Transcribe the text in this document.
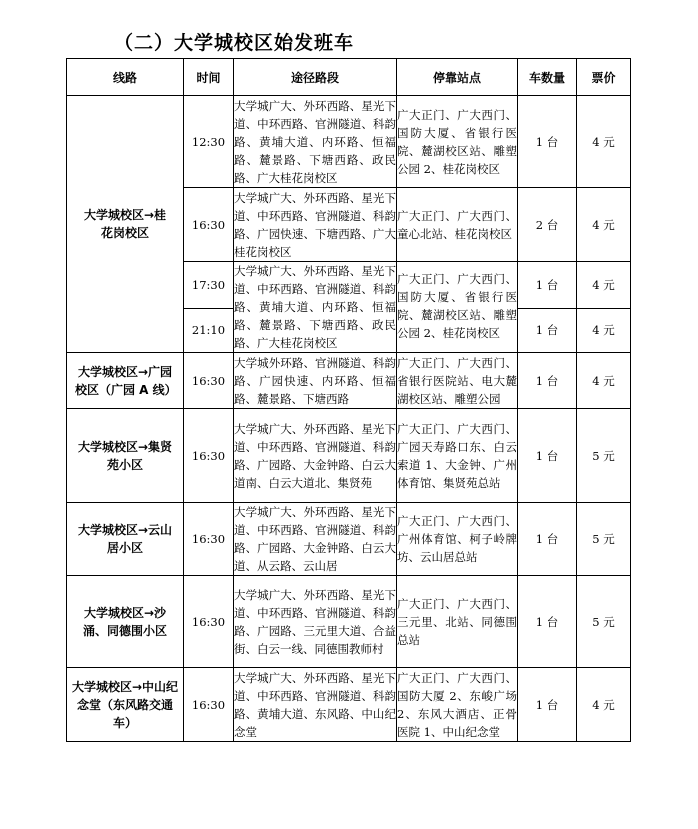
（二）大学城校区始发班车
线路	时间	途径路段	停靠站点	车数量	票价
大学城校区→桂花岗校区	12:30	大学城广大、外环西路、星光下道、中环西路、官洲隧道、科韵路、黄埔大道、内环路、恒福路、麓景路、下塘西路、政民路、广大桂花岗校区	广大正门、广大西门、国防大厦、省银行医院、麓湖校区站、雕塑公园 2、桂花岗校区	1 台	4 元
	16:30	大学城广大、外环西路、星光下道、中环西路、官洲隧道、科韵路、广园快速、下塘西路、广大桂花岗校区	广大正门、广大西门、童心北站、桂花岗校区	2 台	4 元
	17:30	大学城广大、外环西路、星光下道、中环西路、官洲隧道、科韵路、黄埔大道、内环路、恒福路、麓景路、下塘西路、政民路、广大桂花岗校区	广大正门、广大西门、国防大厦、省银行医院、麓湖校区站、雕塑公园 2、桂花岗校区	1 台	4 元
	21:10			1 台	4 元
大学城校区→广园校区（广园 A 线）	16:30	大学城外环路、官洲隧道、科韵路、广园快速、内环路、恒福路、麓景路、下塘西路	广大正门、广大西门、省银行医院站、电大麓湖校区站、雕塑公园	1 台	4 元
大学城校区→集贤苑小区	16:30	大学城广大、外环西路、星光下道、中环西路、官洲隧道、科韵路、广园路、大金钟路、白云大道南、白云大道北、集贤苑	广大正门、广大西门、广园天寿路口东、白云索道 1、大金钟、广州体育馆、集贤苑总站	1 台	5 元
大学城校区→云山居小区	16:30	大学城广大、外环西路、星光下道、中环西路、官洲隧道、科韵路、广园路、大金钟路、白云大道、从云路、云山居	广大正门、广大西门、广州体育馆、柯子岭牌坊、云山居总站	1 台	5 元
大学城校区→沙涌、同德围小区	16:30	大学城广大、外环西路、星光下道、中环西路、官洲隧道、科韵路、广园路、三元里大道、合益街、白云一线、同德围教师村	广大正门、广大西门、三元里、北站、同德围总站	1 台	5 元
大学城校区→中山纪念堂（东风路交通车）	16:30	大学城广大、外环西路、星光下道、中环西路、官洲隧道、科韵路、黄埔大道、东风路、中山纪念堂	广大正门、广大西门、国防大厦 2、东峻广场 2、东风大酒店、正骨医院 1、中山纪念堂	1 台	4 元
